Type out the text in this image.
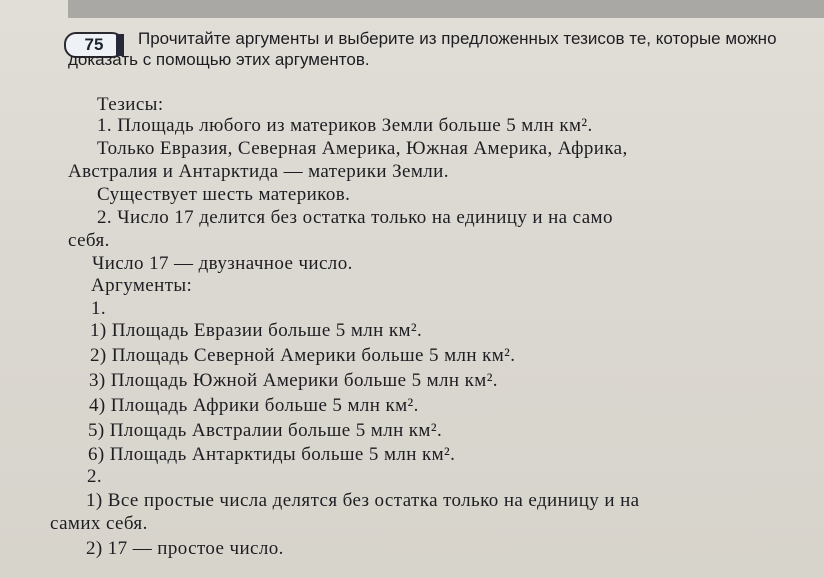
75	Прочитайте аргументы и выберите из предложенных тезисов те, которые можно доказать с помощью этих аргументов.
Тезисы:
1. Площадь любого из материков Земли больше 5 млн км².
Только Евразия, Северная Америка, Южная Америка, Африка,
Австралия и Антарктида — материки Земли.
Существует шесть материков.
2. Число 17 делится без остатка только на единицу и на само
себя.
Число 17 — двузначное число.
Аргументы:
1.
1) Площадь Евразии больше 5 млн км².
2) Площадь Северной Америки больше 5 млн км².
3) Площадь Южной Америки больше 5 млн км².
4) Площадь Африки больше 5 млн км².
5) Площадь Австралии больше 5 млн км².
6) Площадь Антарктиды больше 5 млн км².
2.
1) Все простые числа делятся без остатка только на единицу и на
самих себя.
2) 17 — простое число.
